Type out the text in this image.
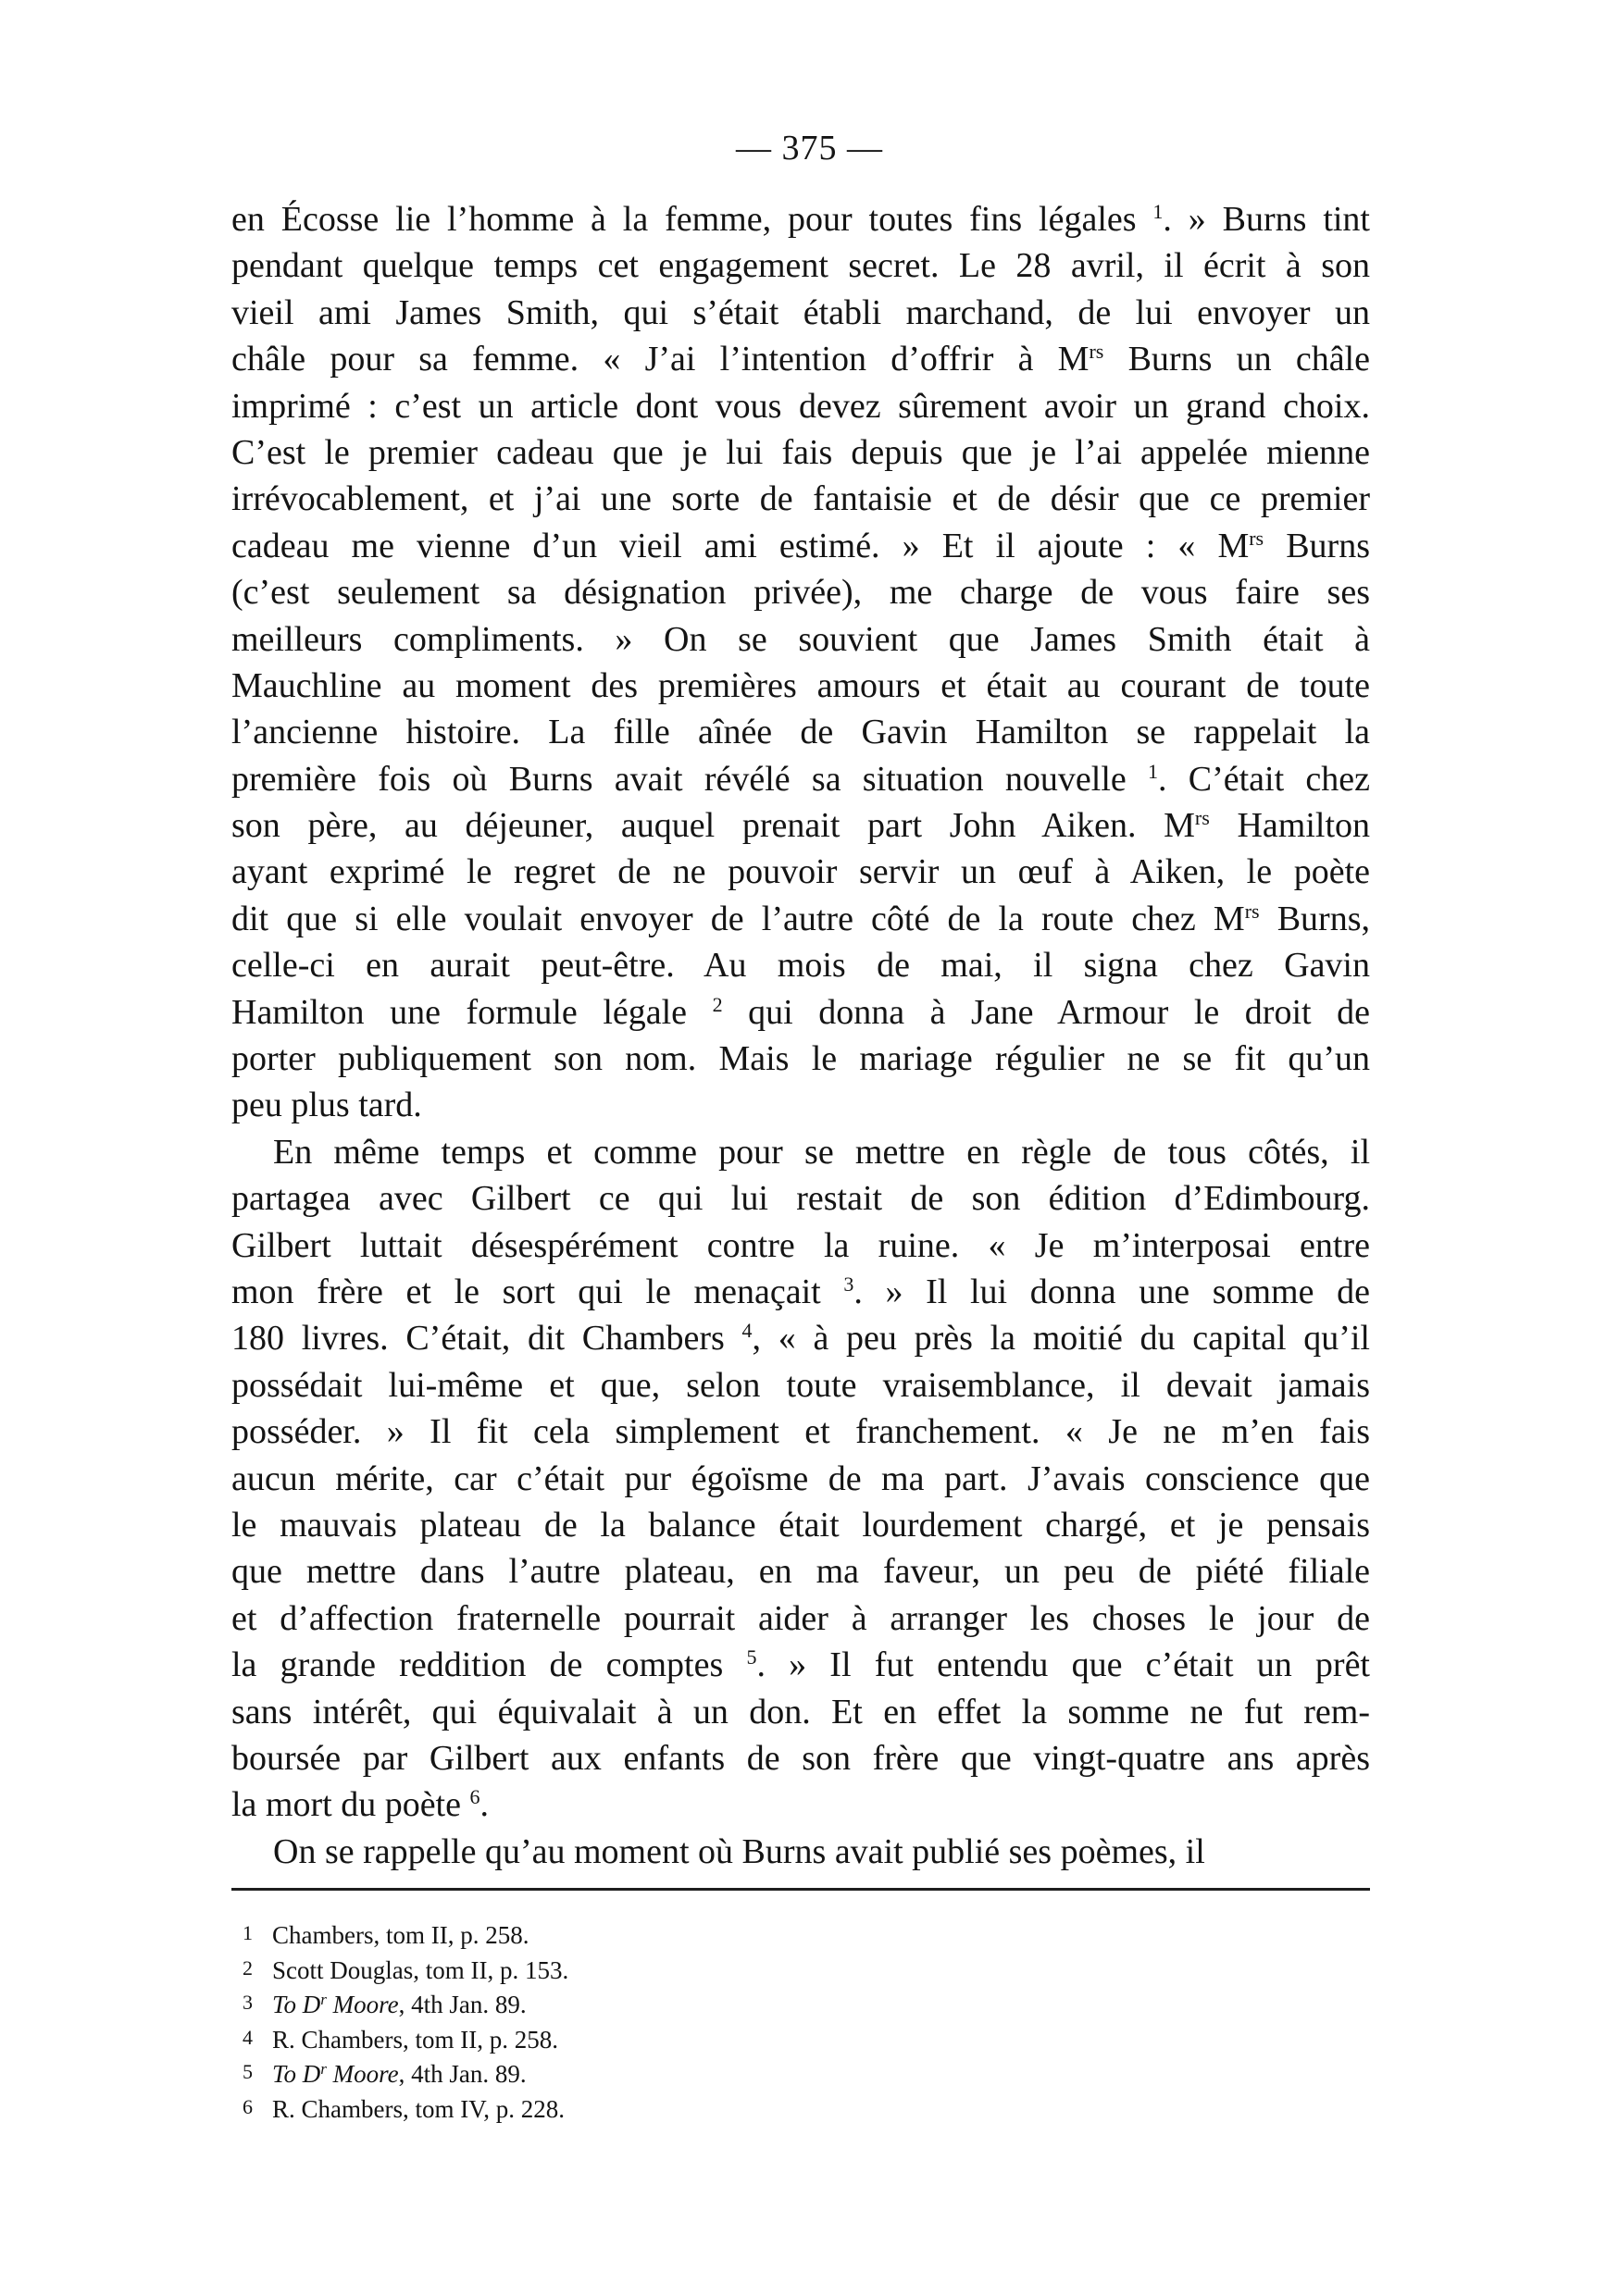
— 375 —
en Écosse lie l’homme à la femme, pour toutes fins légales $^1$. » Burns tint
pendant quelque temps cet engagement secret. Le 28 avril, il écrit à son
vieil ami James Smith, qui s’était établi marchand, de lui envoyer un
châle pour sa femme. « J’ai l’intention d’offrir à $M^{rs}$ Burns un châle
imprimé : c’est un article dont vous devez sûrement avoir un grand choix.
C’est le premier cadeau que je lui fais depuis que je l’ai appelée mienne
irrévocablement, et j’ai une sorte de fantaisie et de désir que ce premier
cadeau me vienne d’un vieil ami estimé. » Et il ajoute : « $M^{rs}$ Burns
(c’est seulement sa désignation privée), me charge de vous faire ses
meilleurs compliments. » On se souvient que James Smith était à
Mauchline au moment des premières amours et était au courant de toute
l’ancienne histoire. La fille aînée de Gavin Hamilton se rappelait la
première fois où Burns avait révélé sa situation nouvelle $^1$. C’était chez
son père, au déjeuner, auquel prenait part John Aiken. $M^{rs}$ Hamilton
ayant exprimé le regret de ne pouvoir servir un œuf à Aiken, le poète
dit que si elle voulait envoyer de l’autre côté de la route chez $M^{rs}$ Burns,
celle-ci en aurait peut-être. Au mois de mai, il signa chez Gavin
Hamilton une formule légale $^2$ qui donna à Jane Armour le droit de
porter publiquement son nom. Mais le mariage régulier ne se fit qu’un
peu plus tard.
En même temps et comme pour se mettre en règle de tous côtés, il
partagea avec Gilbert ce qui lui restait de son édition d’Edimbourg.
Gilbert luttait désespérément contre la ruine. « Je m’interposai entre
mon frère et le sort qui le menaçait $^3$. » Il lui donna une somme de
180 livres. C’était, dit Chambers $^4$, « à peu près la moitié du capital qu’il
possédait lui-même et que, selon toute vraisemblance, il devait jamais
posséder. » Il fit cela simplement et franchement. « Je ne m’en fais
aucun mérite, car c’était pur égoïsme de ma part. J’avais conscience que
le mauvais plateau de la balance était lourdement chargé, et je pensais
que mettre dans l’autre plateau, en ma faveur, un peu de piété filiale
et d’affection fraternelle pourrait aider à arranger les choses le jour de
la grande reddition de comptes $^5$. » Il fut entendu que c’était un prêt
sans intérêt, qui équivalait à un don. Et en effet la somme ne fut rem-
boursée par Gilbert aux enfants de son frère que vingt-quatre ans après
la mort du poète $^6$.
On se rappelle qu’au moment où Burns avait publié ses poèmes, il
1 Chambers, tom II, p. 258.
2 Scott Douglas, tom II, p. 153.
3 To $D^r$ Moore, 4th Jan. 89.
4 R. Chambers, tom II, p. 258.
5 To $D^r$ Moore, 4th Jan. 89.
6 R. Chambers, tom IV, p. 228.
